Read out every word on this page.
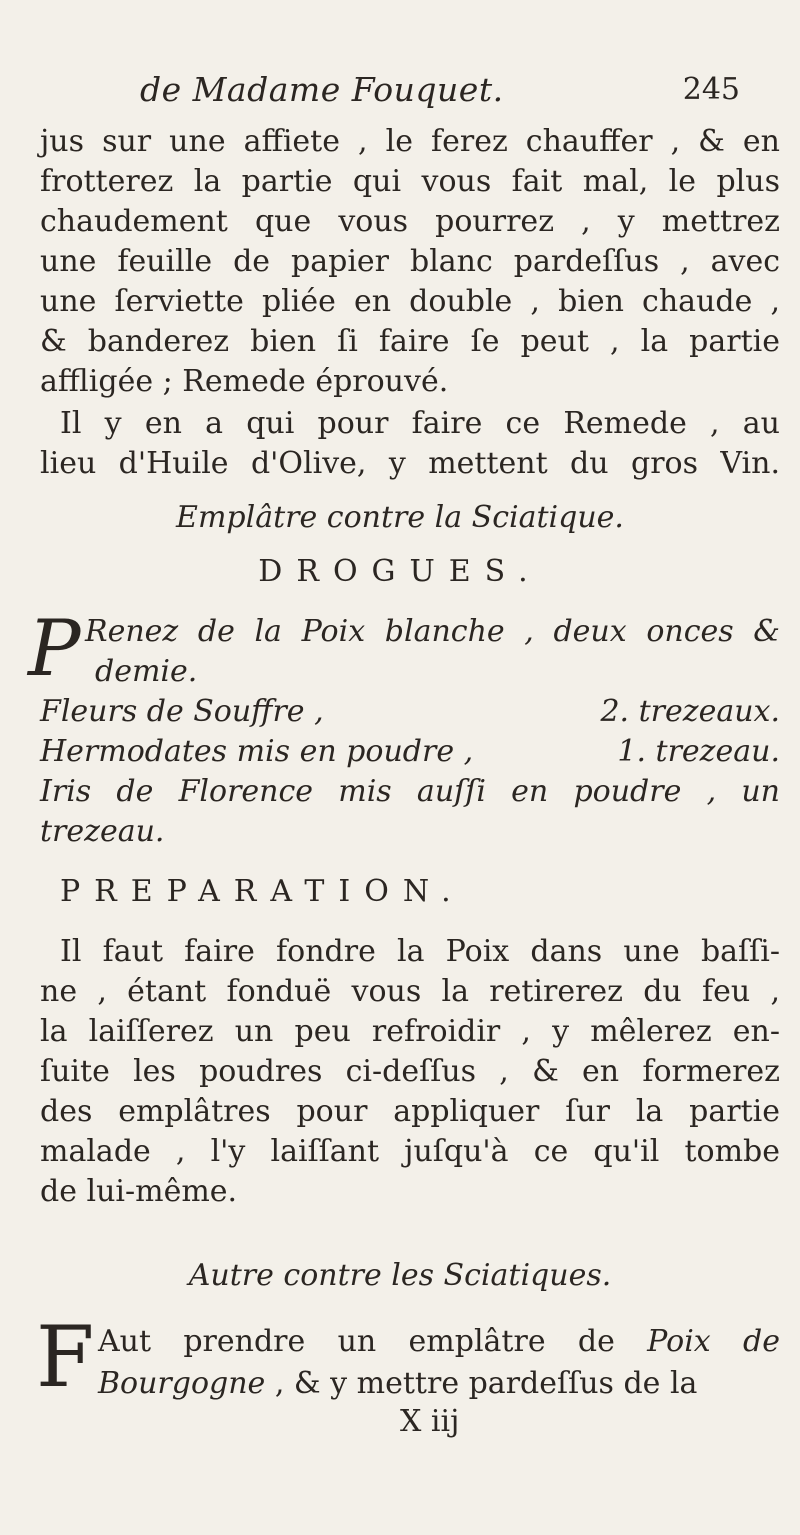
de Madame Fouquet.	245
jus sur une affiete , le ferez chauffer , & en
frotterez la partie qui vous fait mal, le plus
chaudement que vous pourrez , y mettrez
une feuille de papier blanc pardeſſus , avec
une ſerviette pliée en double , bien chaude ,
& banderez bien ſi faire ſe peut , la partie
affligée ; Remede éprouvé.
Il y en a qui pour faire ce Remede , au
lieu d'Huile d'Olive, y mettent du gros Vin.
Emplâtre contre la Sciatique.
DROGUES.
P Renez de la Poix blanche , deux onces &
demie.
Fleurs de Souffre ,	2. trezeaux.
Hermodates mis en poudre ,	1. trezeau.
Iris de Florence mis auſſi en poudre , un
trezeau.
PREPARATION.
Il faut faire fondre la Poix dans une baſſi-
ne , étant fonduë vous la retirerez du feu ,
la laiſſerez un peu refroidir , y mêlerez en-
ſuite les poudres ci-deſſus , & en formerez
des emplâtres pour appliquer ſur la partie
malade , l'y laiſſant juſqu'à ce qu'il tombe
de lui-même.
Autre contre les Sciatiques.
F Aut prendre un emplâtre de Poix de
Bourgogne , & y mettre pardeſſus de la
X iij
